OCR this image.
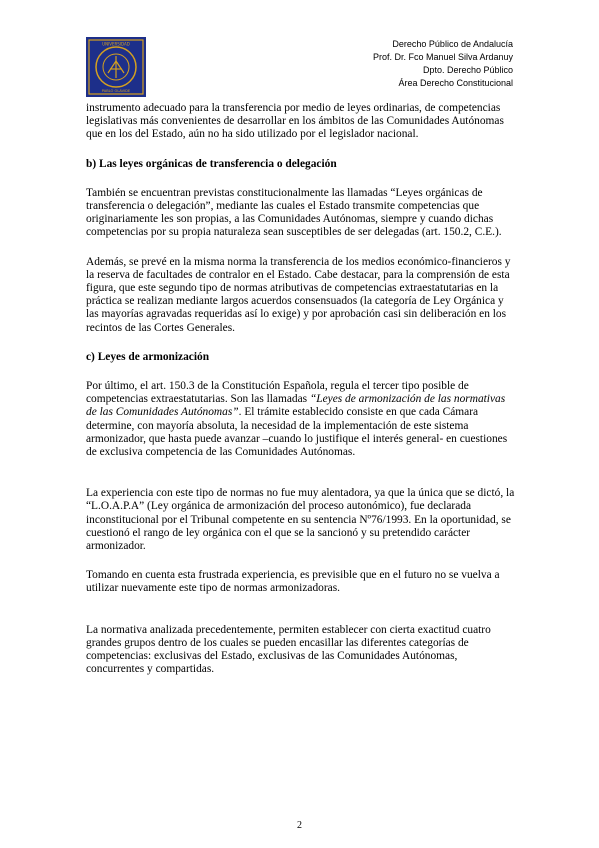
UNIVERSIDAD
PABLO OLAVIDE
Derecho Público de Andalucía
Prof. Dr. Fco Manuel Silva Ardanuy
Dpto. Derecho Público
Área Derecho Constitucional

instrumento adecuado para la transferencia por medio de leyes ordinarias, de competencias legislativas más convenientes de desarrollar en los ámbitos de las Comunidades Autónomas que en los del Estado, aún no ha sido utilizado por el legislador nacional.

b) Las leyes orgánicas de transferencia o delegación

También se encuentran previstas constitucionalmente las llamadas “Leyes orgánicas de transferencia o delegación”, mediante las cuales el Estado transmite competencias que originariamente les son propias, a las Comunidades Autónomas, siempre y cuando dichas competencias por su propia naturaleza sean susceptibles de ser delegadas (art. 150.2, C.E.).

Además, se prevé en la misma norma la transferencia de los medios económico-financieros y la reserva de facultades de contralor en el Estado. Cabe destacar, para la comprensión de esta figura, que este segundo tipo de normas atributivas de competencias extraestatutarias en la práctica se realizan mediante largos acuerdos consensuados (la categoría de Ley Orgánica y las mayorías agravadas requeridas así lo exige) y por aprobación casi sin deliberación en los recintos de las Cortes Generales.

c) Leyes de armonización

Por último, el art. 150.3 de la Constitución Española, regula el tercer tipo posible de competencias extraestatutarias. Son las llamadas “Leyes de armonización de las normativas de las Comunidades Autónomas”. El trámite establecido consiste en que cada Cámara determine, con mayoría absoluta, la necesidad de la implementación de este sistema armonizador, que hasta puede avanzar –cuando lo justifique el interés general- en cuestiones de exclusiva competencia de las Comunidades Autónomas.

La experiencia con este tipo de normas no fue muy alentadora, ya que la única que se dictó, la “L.O.A.P.A” (Ley orgánica de armonización del proceso autonómico), fue declarada inconstitucional por el Tribunal competente en su sentencia Nº76/1993. En la oportunidad, se cuestionó el rango de ley orgánica con el que se la sancionó y su pretendido carácter armonizador.

Tomando en cuenta esta frustrada experiencia, es previsible que en el futuro no se vuelva a utilizar nuevamente este tipo de normas armonizadoras.

La normativa analizada precedentemente, permiten establecer con cierta exactitud cuatro grandes grupos dentro de los cuales se pueden encasillar las diferentes categorías de competencias: exclusivas del Estado, exclusivas de las Comunidades Autónomas, concurrentes y compartidas.

2
